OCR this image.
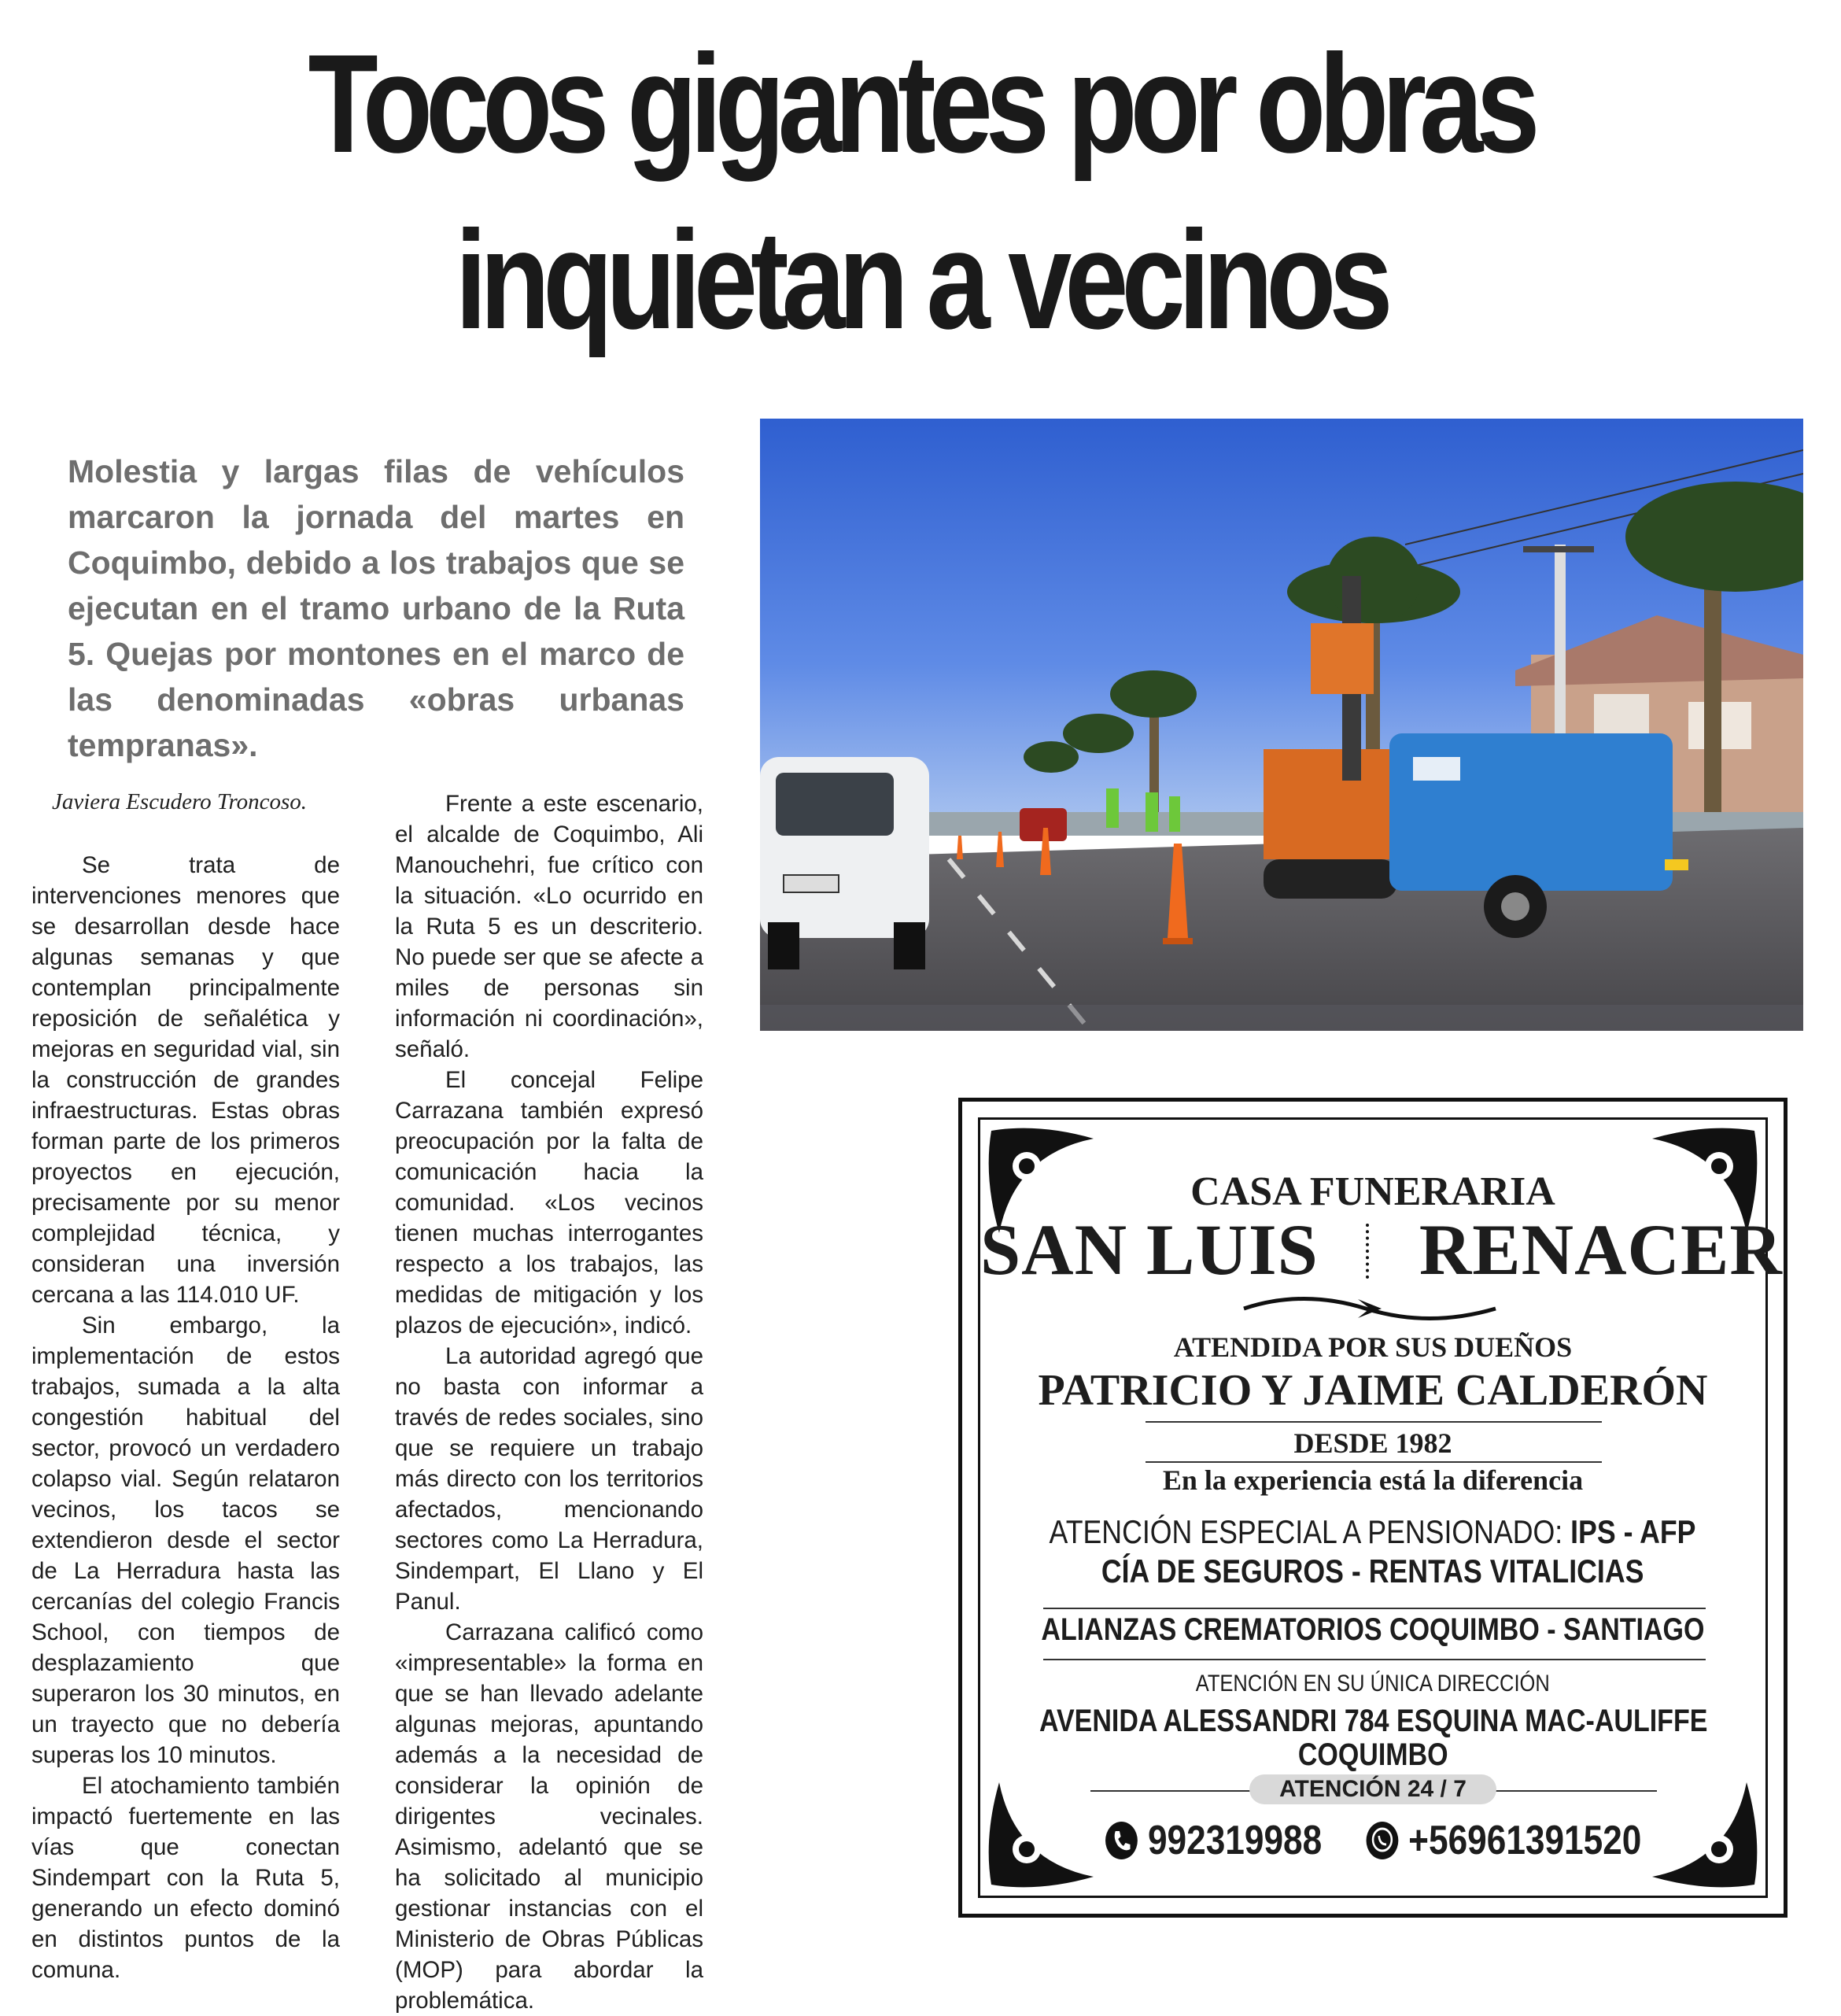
Tocos gigantes por obras
inquietan a vecinos
Molestia y largas filas de vehículos marcaron la jornada del martes en Coquimbo, debido a los trabajos que se ejecutan en el tramo urbano de la Ruta 5. Quejas por montones en el marco de las denominadas «obras urbanas tempranas».
Javiera Escudero Troncoso.

Se trata de intervenciones menores que se desarrollan desde hace algunas semanas y que contemplan principalmente reposición de señalética y mejoras en seguridad vial, sin la construcción de grandes infraestructuras. Estas obras forman parte de los primeros proyectos en ejecución, precisamente por su menor complejidad técnica, y consideran una inversión cercana a las 114.010 UF.

Sin embargo, la implementación de estos trabajos, sumada a la alta congestión habitual del sector, provocó un verdadero colapso vial. Según relataron vecinos, los tacos se extendieron desde el sector de La Herradura hasta las cercanías del colegio Francis School, con tiempos de desplazamiento que superaron los 30 minutos, en un trayecto que no debería superas los 10 minutos.

El atochamiento también impactó fuertemente en las vías que conectan Sindempart con la Ruta 5, generando un efecto dominó en distintos puntos de la comuna.

Frente a este escenario, el alcalde de Coquimbo, Ali Manouchehri, fue crítico con la situación. «Lo ocurrido en la Ruta 5 es un descriterio. No puede ser que se afecte a miles de personas sin información ni coordinación», señaló.

El concejal Felipe Carrazana también expresó preocupación por la falta de comunicación hacia la comunidad. «Los vecinos tienen muchas interrogantes respecto a los trabajos, las medidas de mitigación y los plazos de ejecución», indicó.

La autoridad agregó que no basta con informar a través de redes sociales, sino que se requiere un trabajo más directo con los territorios afectados, mencionando sectores como La Herradura, Sindempart, El Llano y El Panul.

Carrazana calificó como «impresentable» la forma en que se han llevado adelante algunas mejoras, apuntando además a la necesidad de considerar la opinión de dirigentes vecinales. Asimismo, adelantó que se ha solicitado al municipio gestionar instancias con el Ministerio de Obras Públicas (MOP) para abordar la problemática.

CASA FUNERARIA
SAN LUIS RENACER
ATENDIDA POR SUS DUEÑOS
PATRICIO Y JAIME CALDERÓN
DESDE 1982
En la experiencia está la diferencia
ATENCIÓN ESPECIAL A PENSIONADO: IPS - AFP
CÍA DE SEGUROS - RENTAS VITALICIAS
ALIANZAS CREMATORIOS COQUIMBO - SANTIAGO
ATENCIÓN EN SU ÚNICA DIRECCIÓN
AVENIDA ALESSANDRI 784 ESQUINA MAC-AULIFFE
COQUIMBO
ATENCIÓN 24 / 7
992319988 +56961391520
